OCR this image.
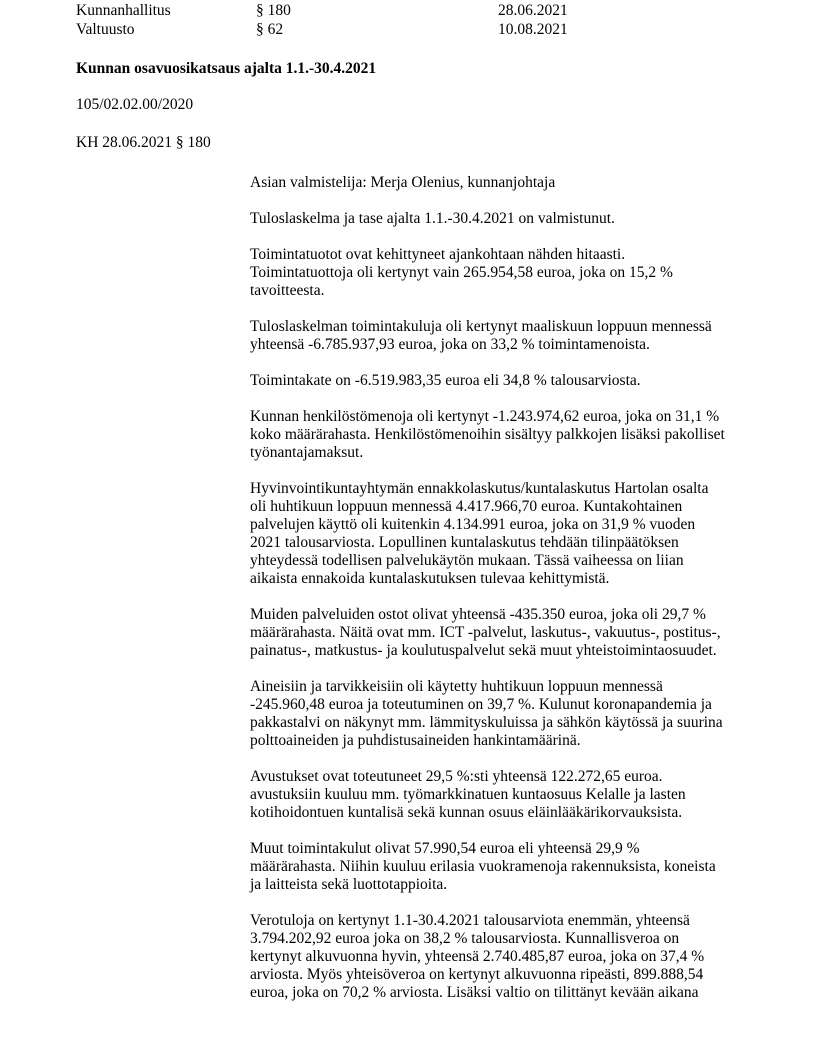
Kunnanhallitus	§ 180	28.06.2021
Valtuusto	§ 62	10.08.2021
Kunnan osavuosikatsaus ajalta 1.1.-30.4.2021
105/02.02.00/2020
KH 28.06.2021 § 180

Asian valmistelija: Merja Olenius, kunnanjohtaja

Tuloslaskelma ja tase ajalta 1.1.-30.4.2021 on valmistunut.

Toimintatuotot ovat kehittyneet ajankohtaan nähden hitaasti.
Toimintatuottoja oli kertynyt vain 265.954,58 euroa, joka on 15,2 %
tavoitteesta.

Tuloslaskelman toimintakuluja oli kertynyt maaliskuun loppuun mennessä
yhteensä -6.785.937,93 euroa, joka on 33,2 % toimintamenoista.

Toimintakate on -6.519.983,35 euroa eli 34,8 % talousarviosta.

Kunnan henkilöstömenoja oli kertynyt -1.243.974,62 euroa, joka on 31,1 %
koko määrärahasta. Henkilöstömenoihin sisältyy palkkojen lisäksi pakolliset
työnantajamaksut.

Hyvinvointikuntayhtymän ennakkolaskutus/kuntalaskutus Hartolan osalta
oli huhtikuun loppuun mennessä 4.417.966,70 euroa. Kuntakohtainen
palvelujen käyttö oli kuitenkin 4.134.991 euroa, joka on 31,9 % vuoden
2021 talousarviosta. Lopullinen kuntalaskutus tehdään tilinpäätöksen
yhteydessä todellisen palvelukäytön mukaan. Tässä vaiheessa on liian
aikaista ennakoida kuntalaskutuksen tulevaa kehittymistä.

Muiden palveluiden ostot olivat yhteensä -435.350 euroa, joka oli 29,7 %
määrärahasta. Näitä ovat mm. ICT -palvelut, laskutus-, vakuutus-, postitus-,
painatus-, matkustus- ja koulutuspalvelut sekä muut yhteistoimintaosuudet.

Aineisiin ja tarvikkeisiin oli käytetty huhtikuun loppuun mennessä
-245.960,48 euroa ja toteutuminen on 39,7 %. Kulunut koronapandemia ja
pakkastalvi on näkynyt mm. lämmityskuluissa ja sähkön käytössä ja suurina
polttoaineiden ja puhdistusaineiden hankintamäärinä.

Avustukset ovat toteutuneet 29,5 %:sti yhteensä 122.272,65 euroa.
avustuksiin kuuluu mm. työmarkkinatuen kuntaosuus Kelalle ja lasten
kotihoidontuen kuntalisä sekä kunnan osuus eläinlääkärikorvauksista.

Muut toimintakulut olivat 57.990,54 euroa eli yhteensä 29,9 %
määrärahasta. Niihin kuuluu erilasia vuokramenoja rakennuksista, koneista
ja laitteista sekä luottotappioita.

Verotuloja on kertynyt 1.1-30.4.2021 talousarviota enemmän, yhteensä
3.794.202,92 euroa joka on 38,2 % talousarviosta. Kunnallisveroa on
kertynyt alkuvuonna hyvin, yhteensä 2.740.485,87 euroa, joka on 37,4 %
arviosta. Myös yhteisöveroa on kertynyt alkuvuonna ripeästi, 899.888,54
euroa, joka on 70,2 % arviosta. Lisäksi valtio on tilittänyt kevään aikana
